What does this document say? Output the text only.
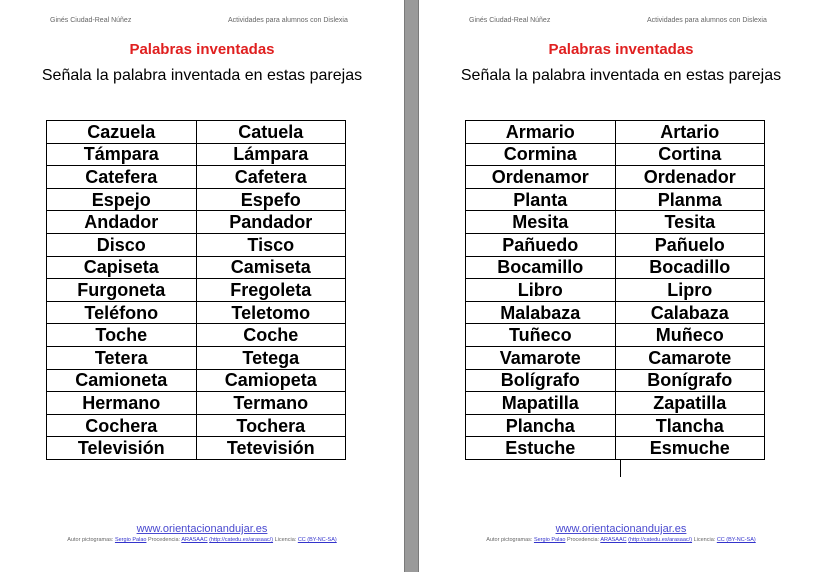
Ginés Ciudad-Real Núñez	Actividades para alumnos con Dislexia
Palabras inventadas
Señala la palabra inventada en estas parejas
Cazuela	Catuela
Támpara	Lámpara
Catefera	Cafetera
Espejo	Espefo
Andador	Pandador
Disco	Tisco
Capiseta	Camiseta
Furgoneta	Fregoleta
Teléfono	Teletomo
Toche	Coche
Tetera	Tetega
Camioneta	Camiopeta
Hermano	Termano
Cochera	Tochera
Televisión	Tetevisión
www.orientacionandujar.es
Autor pictogramas: Sergio Palao Procedencia: ARASAAC (http://catedu.es/arasaac/) Licencia: CC (BY-NC-SA)
Ginés Ciudad-Real Núñez	Actividades para alumnos con Dislexia
Palabras inventadas
Señala la palabra inventada en estas parejas
Armario	Artario
Cormina	Cortina
Ordenamor	Ordenador
Planta	Planma
Mesita	Tesita
Pañuedo	Pañuelo
Bocamillo	Bocadillo
Libro	Lipro
Malabaza	Calabaza
Tuñeco	Muñeco
Vamarote	Camarote
Bolígrafo	Bonígrafo
Mapatilla	Zapatilla
Plancha	Tlancha
Estuche	Esmuche
www.orientacionandujar.es
Autor pictogramas: Sergio Palao Procedencia: ARASAAC (http://catedu.es/arasaac/) Licencia: CC (BY-NC-SA)
